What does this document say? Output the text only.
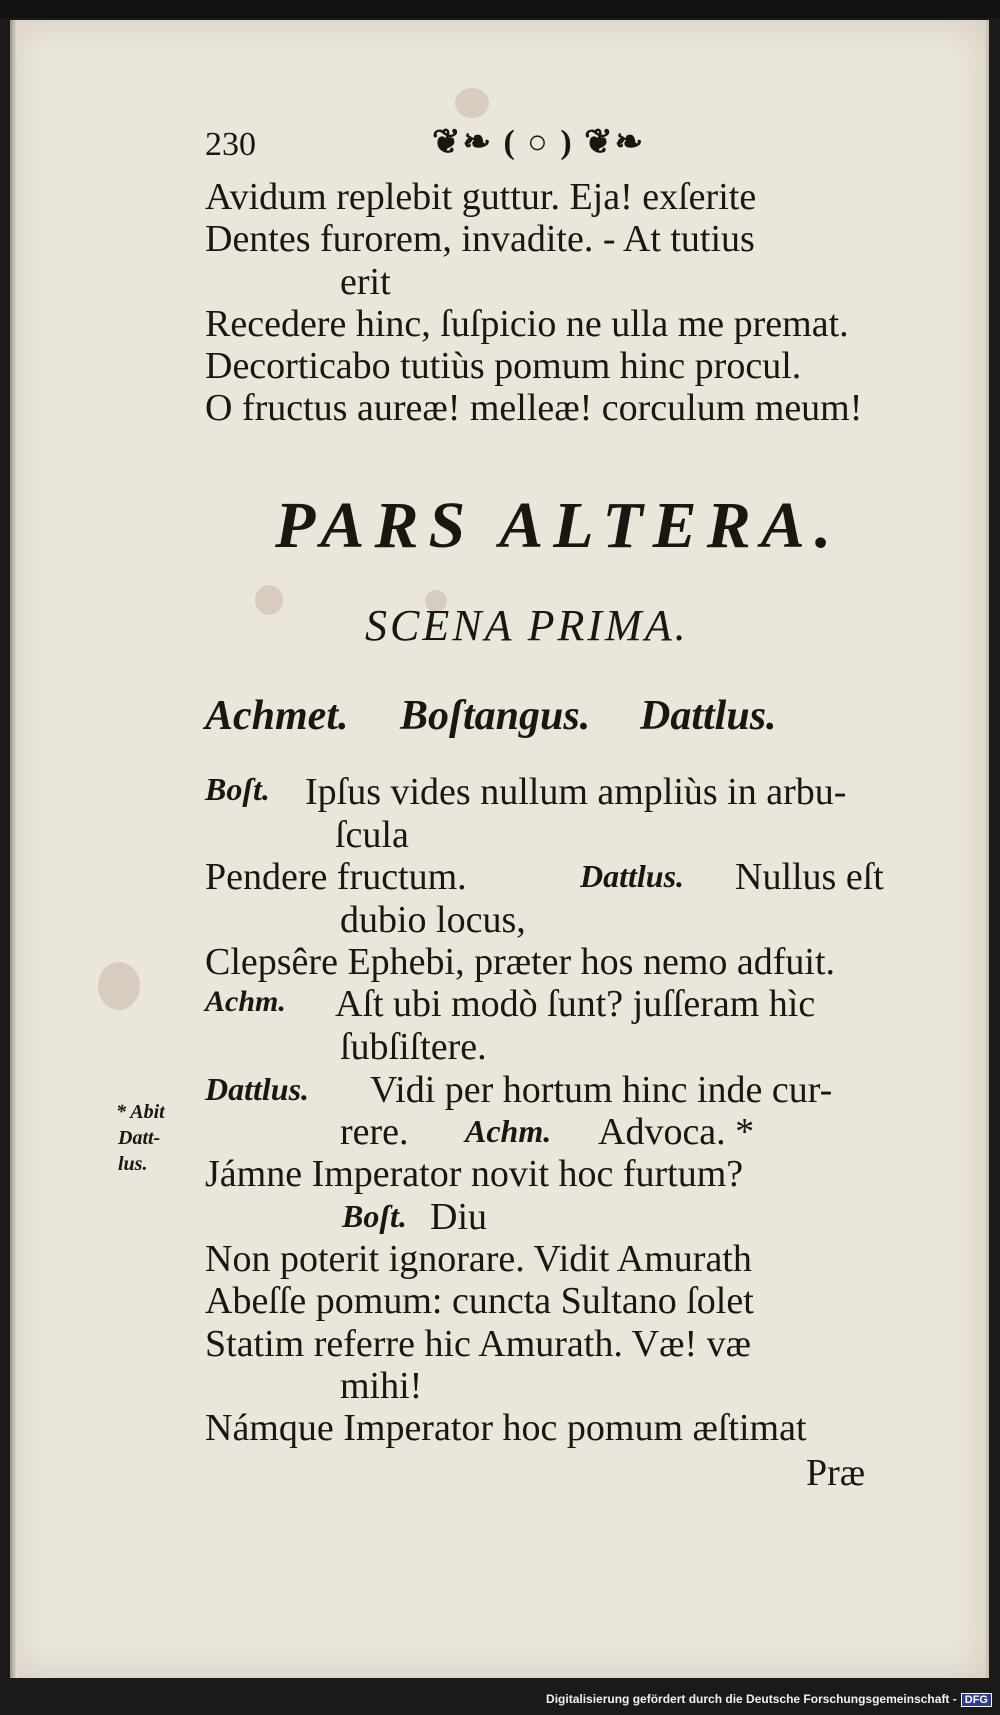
230	❦❧ ( ○ ) ❦❧
Avidum replebit guttur. Eja! exſerite
Dentes furorem, invadite. - At tutius
erit
Recedere hinc, ſuſpicio ne ulla me premat.
Decorticabo tutiùs pomum hinc procul.
O fructus aureæ! melleæ! corculum meum!
PARS ALTERA.
SCENA PRIMA.
Achmet. Boſtangus. Dattlus.
Boſt. Ipſus vides nullum ampliùs in arbu-
ſcula
Pendere fructum.	Dattlus. Nullus eſt
dubio locus,
Clepsêre Ephebi, præter hos nemo adfuit.
Achm. Aſt ubi modò ſunt? juſſeram hìc
ſubſiſtere.
Dattlus. Vidi per hortum hinc inde cur-
rere. Achm. Advoca. *
Jámne Imperator novit hoc furtum?
Boſt. Diu
Non poterit ignorare. Vidit Amurath
Abeſſe pomum: cuncta Sultano ſolet
Statim referre hic Amurath. Væ! væ
mihi!
Námque Imperator hoc pomum æſtimat
Præ
* Abit
Datt-
lus.
Digitalisierung gefördert durch die Deutsche Forschungsgemeinschaft - DFG
